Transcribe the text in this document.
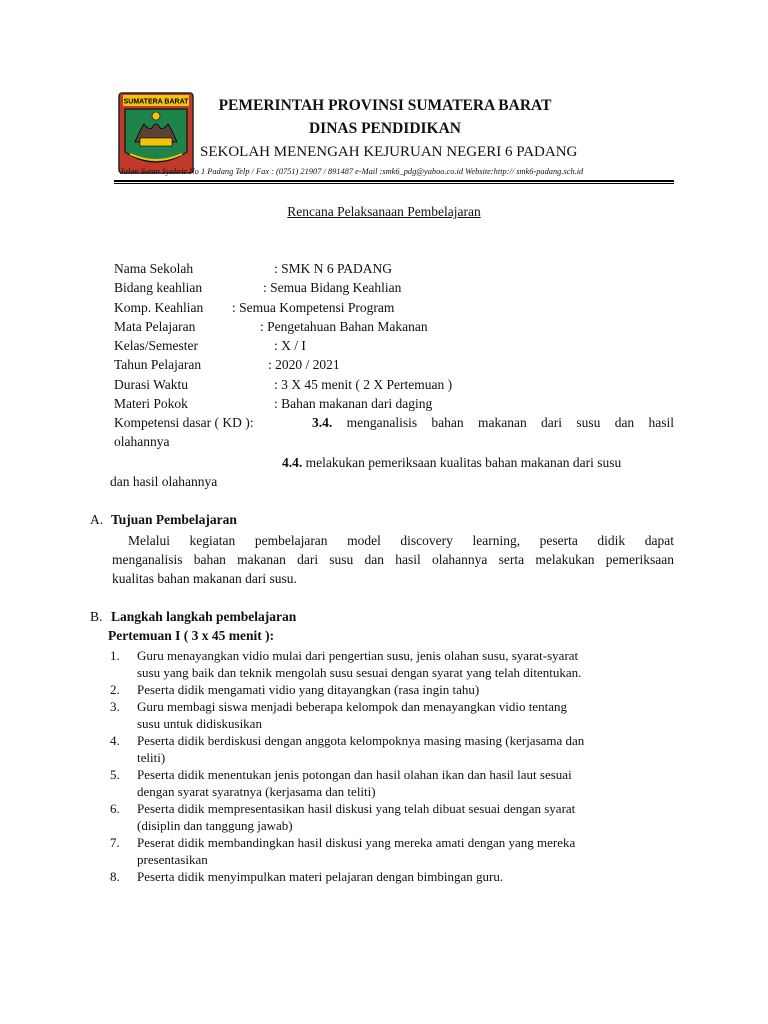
SUMATERA BARAT	PEMERINTAH PROVINSI SUMATERA BARAT
DINAS PENDIDIKAN
SEKOLAH MENENGAH KEJURUAN NEGERI 6 PADANG
Jalan Sutan Syahrir No 1 Padang Telp / Fax : (0751) 21907 / 891487 e-Mail :smk6_pdg@yahoo.co.id Website:http:// smk6-padang.sch.id
Rencana Pelaksanaan Pembelajaran
Nama Sekolah	: SMK N 6 PADANG
Bidang keahlian	: Semua Bidang Keahlian
Komp. Keahlian : Semua Kompetensi Program
Mata Pelajaran	: Pengetahuan Bahan Makanan
Kelas/Semester	: X / I
Tahun Pelajaran	: 2020 / 2021
Durasi Waktu	: 3 X 45 menit ( 2 X Pertemuan )
Materi Pokok	: Bahan makanan dari daging
Kompetensi dasar ( KD ):	3.4. menganalisis bahan makanan dari susu dan hasil
olahannya
4.4. melakukan pemeriksaan kualitas bahan makanan dari susu
dan hasil olahannya
A. Tujuan Pembelajaran
Melalui kegiatan pembelajaran model discovery learning, peserta didik dapat
menganalisis bahan makanan dari susu dan hasil olahannya serta melakukan pemeriksaan
kualitas bahan makanan dari susu.
B. Langkah langkah pembelajaran
Pertemuan I ( 3 x 45 menit ):
1. Guru menayangkan vidio mulai dari pengertian susu, jenis olahan susu, syarat-syarat
susu yang baik dan teknik mengolah susu sesuai dengan syarat yang telah ditentukan.
2. Peserta didik mengamati vidio yang ditayangkan (rasa ingin tahu)
3. Guru membagi siswa menjadi beberapa kelompok dan menayangkan vidio tentang
susu untuk didiskusikan
4. Peserta didik berdiskusi dengan anggota kelompoknya masing masing (kerjasama dan
teliti)
5. Peserta didik menentukan jenis potongan dan hasil olahan ikan dan hasil laut sesuai
dengan syarat syaratnya (kerjasama dan teliti)
6. Peserta didik mempresentasikan hasil diskusi yang telah dibuat sesuai dengan syarat
(disiplin dan tanggung jawab)
7. Peserat didik membandingkan hasil diskusi yang mereka amati dengan yang mereka
presentasikan
8. Peserta didik menyimpulkan materi pelajaran dengan bimbingan guru.
